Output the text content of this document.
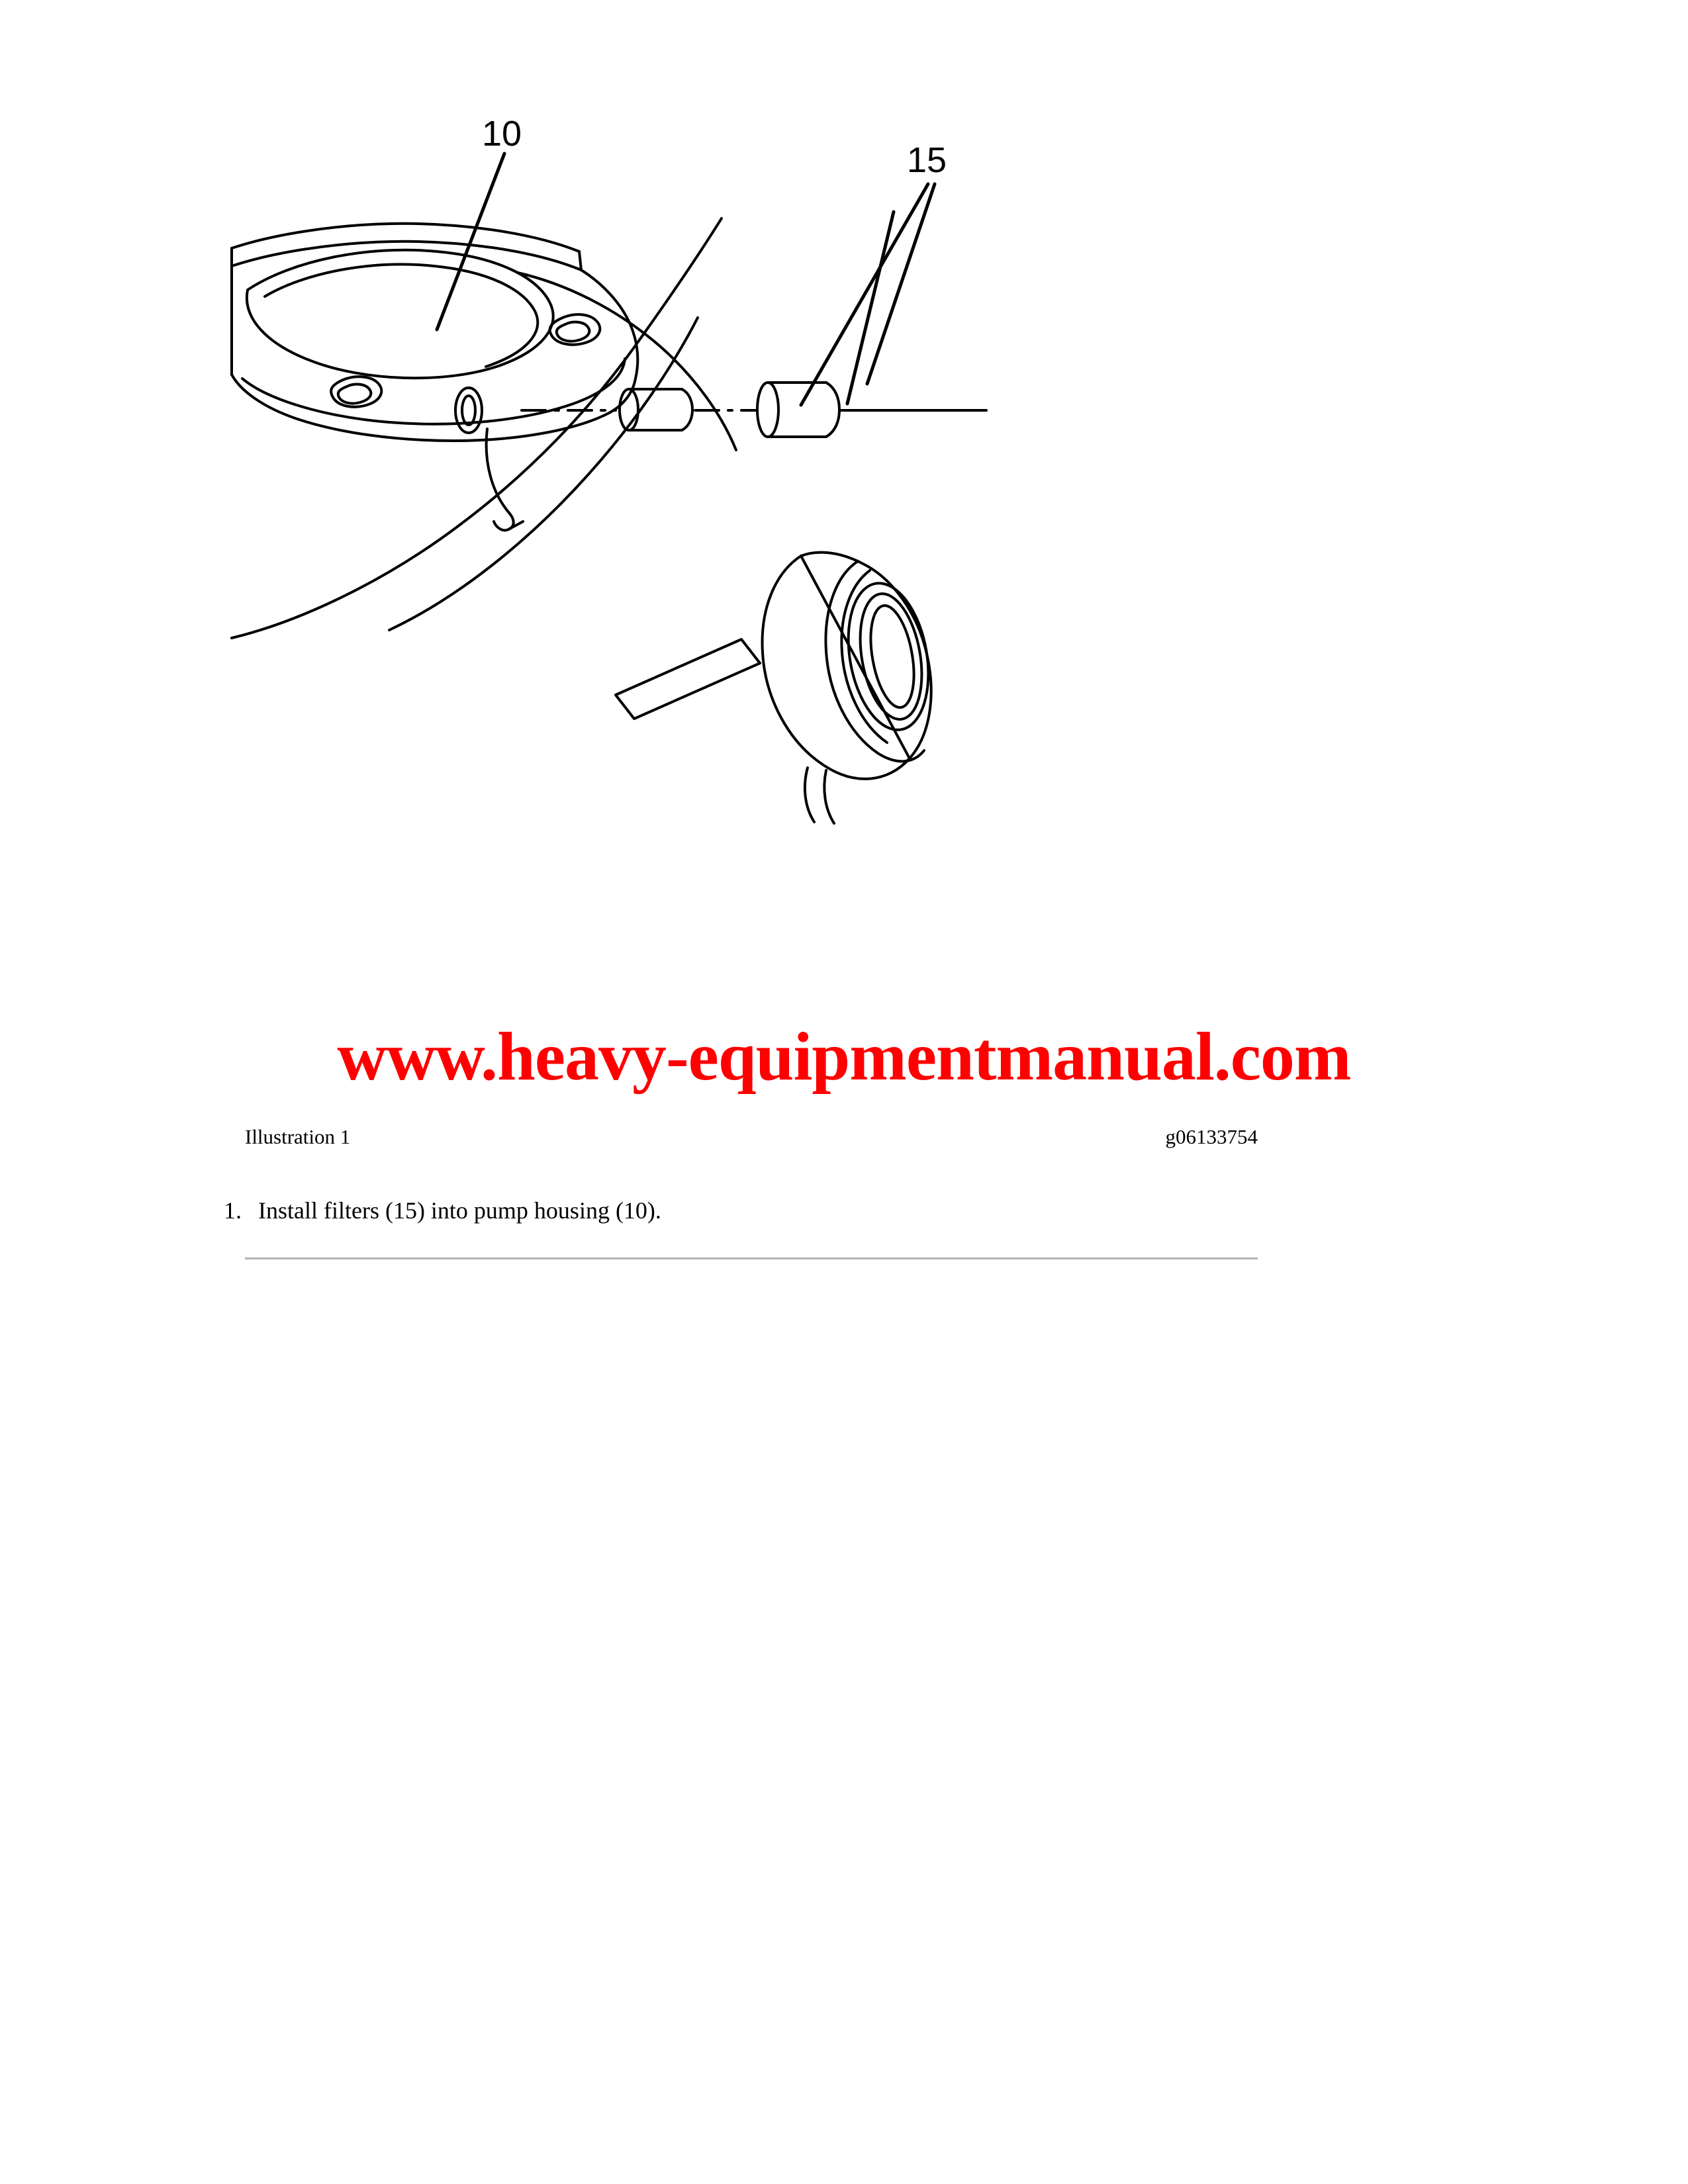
10
15
www.heavy-equipmentmanual.com
Illustration 1	g06133754
1. Install filters (15) into pump housing (10).
